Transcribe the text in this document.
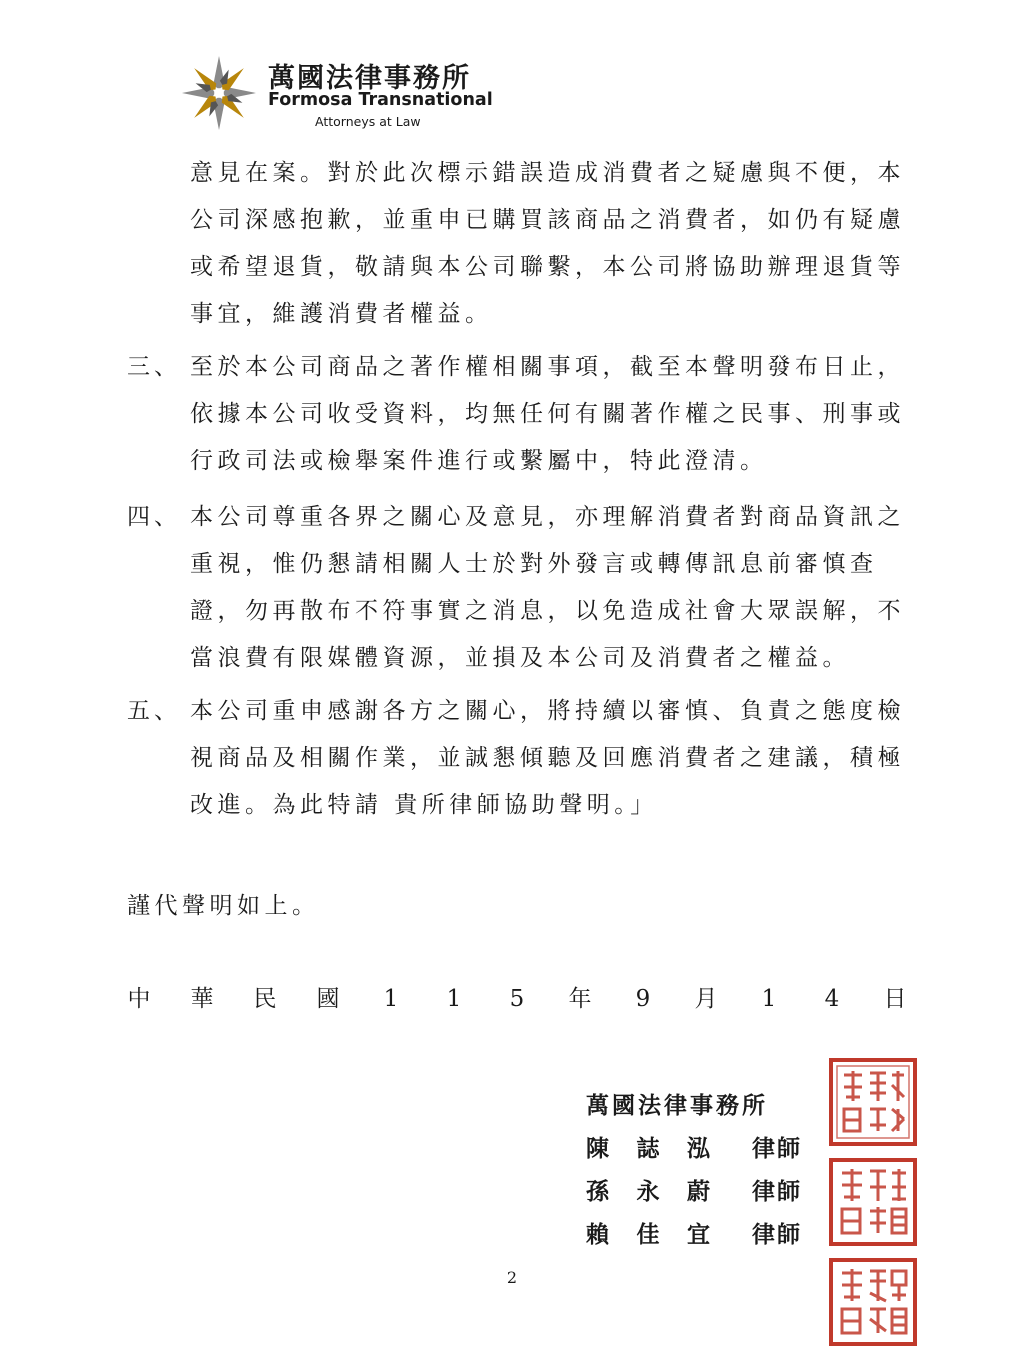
萬國法律事務所
Formosa Transnational
Attorneys at Law
意見在案。對於此次標示錯誤造成消費者之疑慮與不便，本
公司深感抱歉，並重申已購買該商品之消費者，如仍有疑慮
或希望退貨，敬請與本公司聯繫，本公司將協助辦理退貨等
事宜，維護消費者權益。
三、 至於本公司商品之著作權相關事項，截至本聲明發布日止，
依據本公司收受資料，均無任何有關著作權之民事、刑事或
行政司法或檢舉案件進行或繫屬中，特此澄清。
四、 本公司尊重各界之關心及意見，亦理解消費者對商品資訊之
重視，惟仍懇請相關人士於對外發言或轉傳訊息前審慎查
證，勿再散布不符事實之消息，以免造成社會大眾誤解，不
當浪費有限媒體資源，並損及本公司及消費者之權益。
五、 本公司重申感謝各方之關心，將持續以審慎、負責之態度檢
視商品及相關作業，並誠懇傾聽及回應消費者之建議，積極
改進。為此特請 貴所律師協助聲明。」
謹代聲明如上。
中 華 民 國 1 1 5 年 9 月 1 4 日
萬國法律事務所
陳 誌 泓 律師
孫 永 蔚 律師
賴 佳 宜 律師
2
